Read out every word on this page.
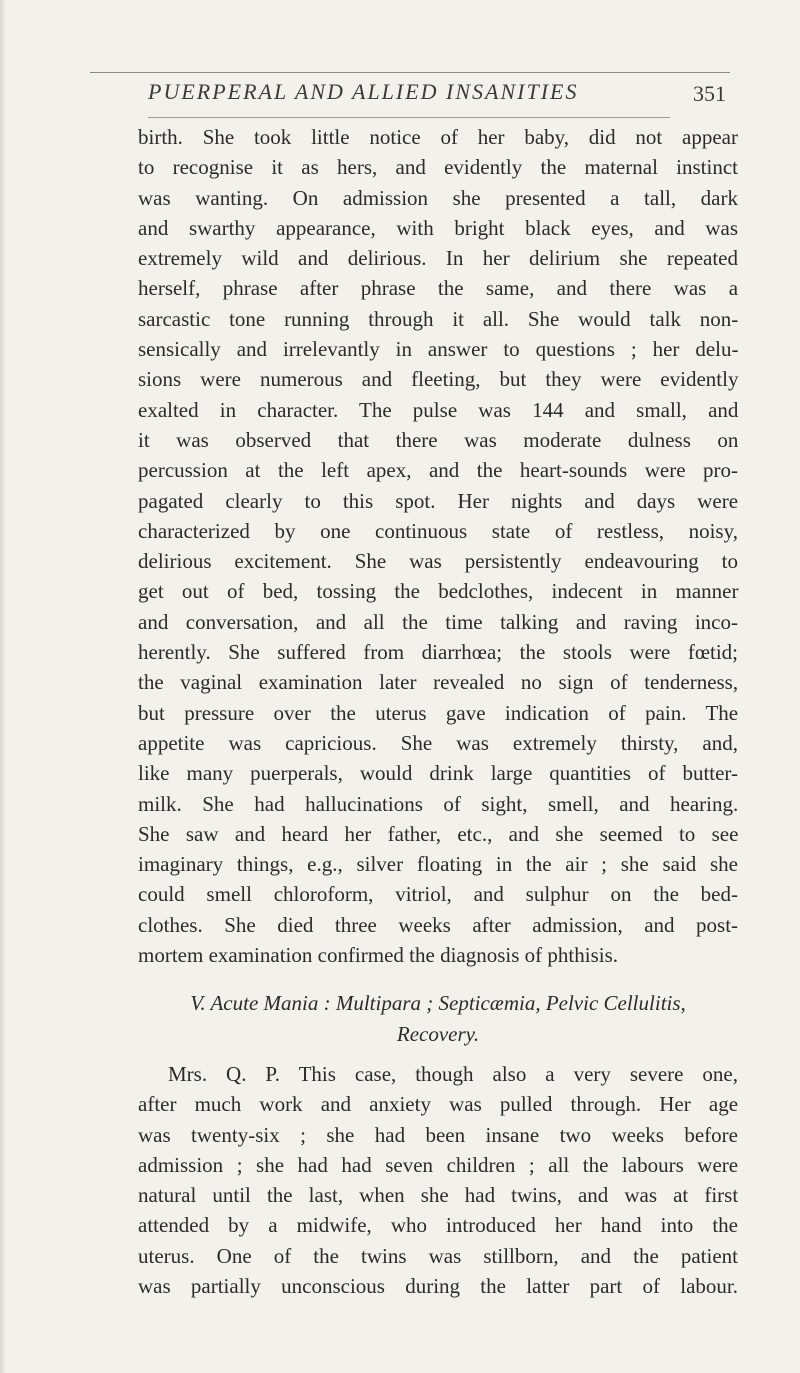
PUERPERAL AND ALLIED INSANITIES	351
birth. She took little notice of her baby, did not appear
to recognise it as hers, and evidently the maternal instinct
was wanting. On admission she presented a tall, dark
and swarthy appearance, with bright black eyes, and was
extremely wild and delirious. In her delirium she repeated
herself, phrase after phrase the same, and there was a
sarcastic tone running through it all. She would talk non-
sensically and irrelevantly in answer to questions ; her delu-
sions were numerous and fleeting, but they were evidently
exalted in character. The pulse was 144 and small, and
it was observed that there was moderate dulness on
percussion at the left apex, and the heart-sounds were pro-
pagated clearly to this spot. Her nights and days were
characterized by one continuous state of restless, noisy,
delirious excitement. She was persistently endeavouring to
get out of bed, tossing the bedclothes, indecent in manner
and conversation, and all the time talking and raving inco-
herently. She suffered from diarrhœa; the stools were fœtid;
the vaginal examination later revealed no sign of tenderness,
but pressure over the uterus gave indication of pain. The
appetite was capricious. She was extremely thirsty, and,
like many puerperals, would drink large quantities of butter-
milk. She had hallucinations of sight, smell, and hearing.
She saw and heard her father, etc., and she seemed to see
imaginary things, e.g., silver floating in the air ; she said she
could smell chloroform, vitriol, and sulphur on the bed-
clothes. She died three weeks after admission, and post-
mortem examination confirmed the diagnosis of phthisis.
V. Acute Mania : Multipara ; Septicæmia, Pelvic Cellulitis,
Recovery.
Mrs. Q. P. This case, though also a very severe one,
after much work and anxiety was pulled through. Her age
was twenty-six ; she had been insane two weeks before
admission ; she had had seven children ; all the labours were
natural until the last, when she had twins, and was at first
attended by a midwife, who introduced her hand into the
uterus. One of the twins was stillborn, and the patient
was partially unconscious during the latter part of labour.
